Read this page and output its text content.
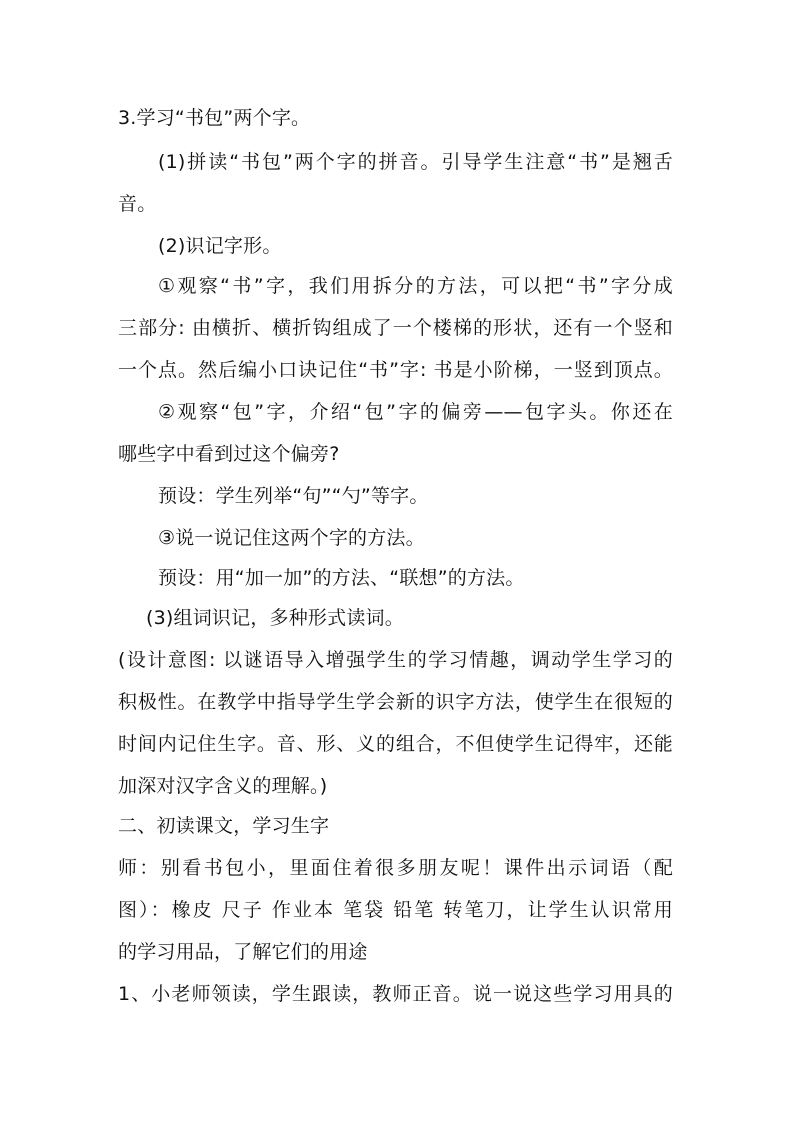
3.学习“书包”两个字。
(1)拼读“书包”两个字的拼音。引导学生注意“书”是翘舌
音。
(2)识记字形。
①观察“书”字，我们用拆分的方法，可以把“书”字分成
三部分: 由横折、横折钩组成了一个楼梯的形状，还有一个竖和
一个点。然后编小口诀记住“书”字: 书是小阶梯，一竖到顶点。
②观察“包”字，介绍“包”字的偏旁——包字头。你还在
哪些字中看到过这个偏旁?
预设：学生列举“句”“勺”等字。
③说一说记住这两个字的方法。
预设：用“加一加”的方法、“联想”的方法。
(3)组词识记，多种形式读词。
(设计意图: 以谜语导入增强学生的学习情趣，调动学生学习的
积极性。在教学中指导学生学会新的识字方法，使学生在很短的
时间内记住生字。音、形、义的组合，不但使学生记得牢，还能
加深对汉字含义的理解。)
二、初读课文，学习生字
师：别看书包小，里面住着很多朋友呢！课件出示词语（配
图）：橡皮 尺子 作业本 笔袋 铅笔 转笔刀，让学生认识常用
的学习用品，了解它们的用途
1、小老师领读，学生跟读，教师正音。说一说这些学习用具的
